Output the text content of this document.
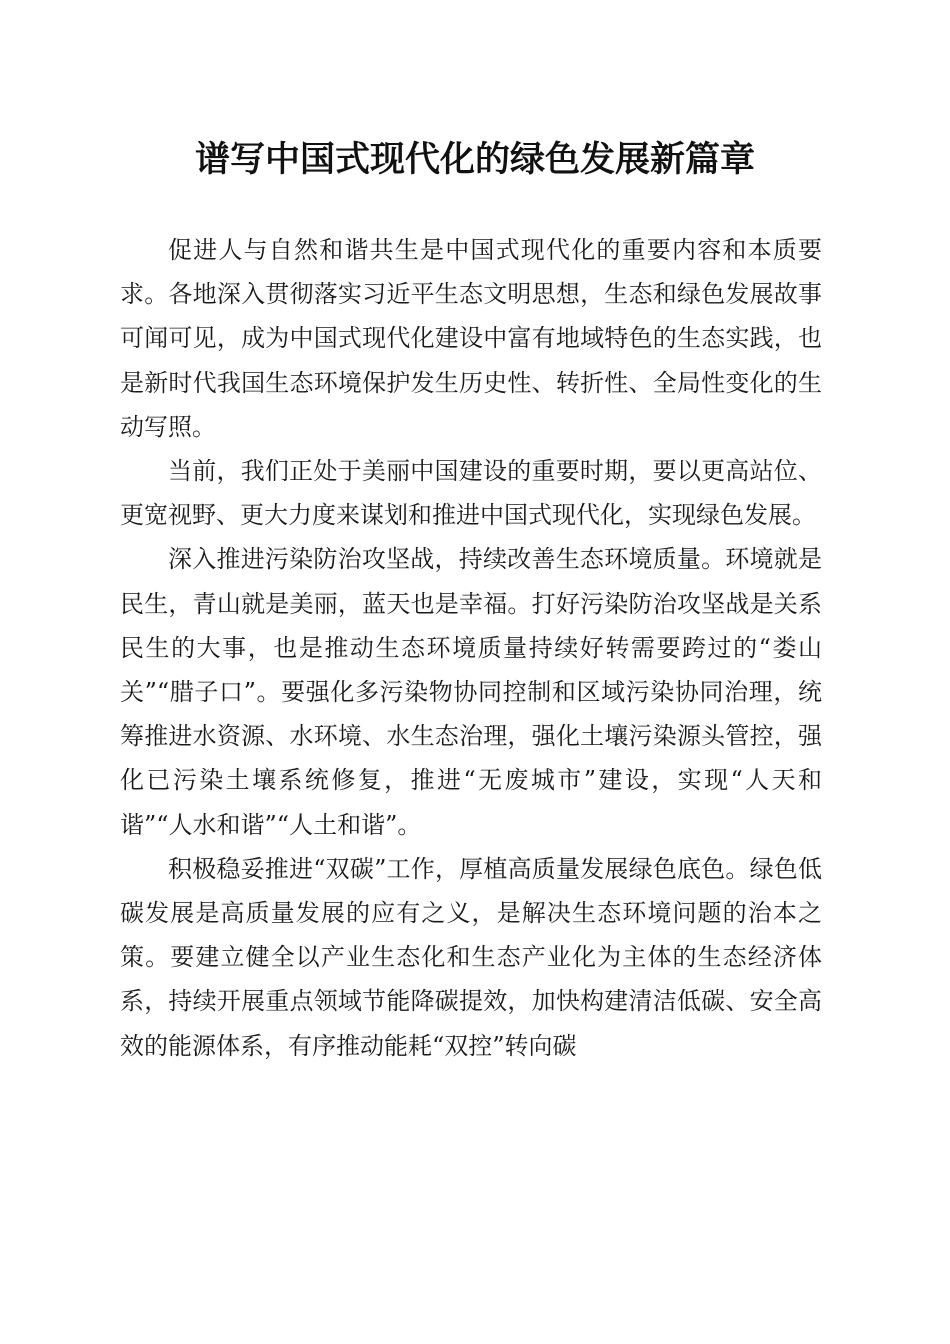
谱写中国式现代化的绿色发展新篇章

促进人与自然和谐共生是中国式现代化的重要内容和本质要求。各地深入贯彻落实习近平生态文明思想，生态和绿色发展故事可闻可见，成为中国式现代化建设中富有地域特色的生态实践，也是新时代我国生态环境保护发生历史性、转折性、全局性变化的生动写照。

当前，我们正处于美丽中国建设的重要时期，要以更高站位、更宽视野、更大力度来谋划和推进中国式现代化，实现绿色发展。

深入推进污染防治攻坚战，持续改善生态环境质量。环境就是民生，青山就是美丽，蓝天也是幸福。打好污染防治攻坚战是关系民生的大事，也是推动生态环境质量持续好转需要跨过的“娄山关”“腊子口”。要强化多污染物协同控制和区域污染协同治理，统筹推进水资源、水环境、水生态治理，强化土壤污染源头管控，强化已污染土壤系统修复，推进“无废城市”建设，实现“人天和谐”“人水和谐”“人土和谐”。

积极稳妥推进“双碳”工作，厚植高质量发展绿色底色。绿色低碳发展是高质量发展的应有之义，是解决生态环境问题的治本之策。要建立健全以产业生态化和生态产业化为主体的生态经济体系，持续开展重点领域节能降碳提效，加快构建清洁低碳、安全高效的能源体系，有序推动能耗“双控”转向碳
